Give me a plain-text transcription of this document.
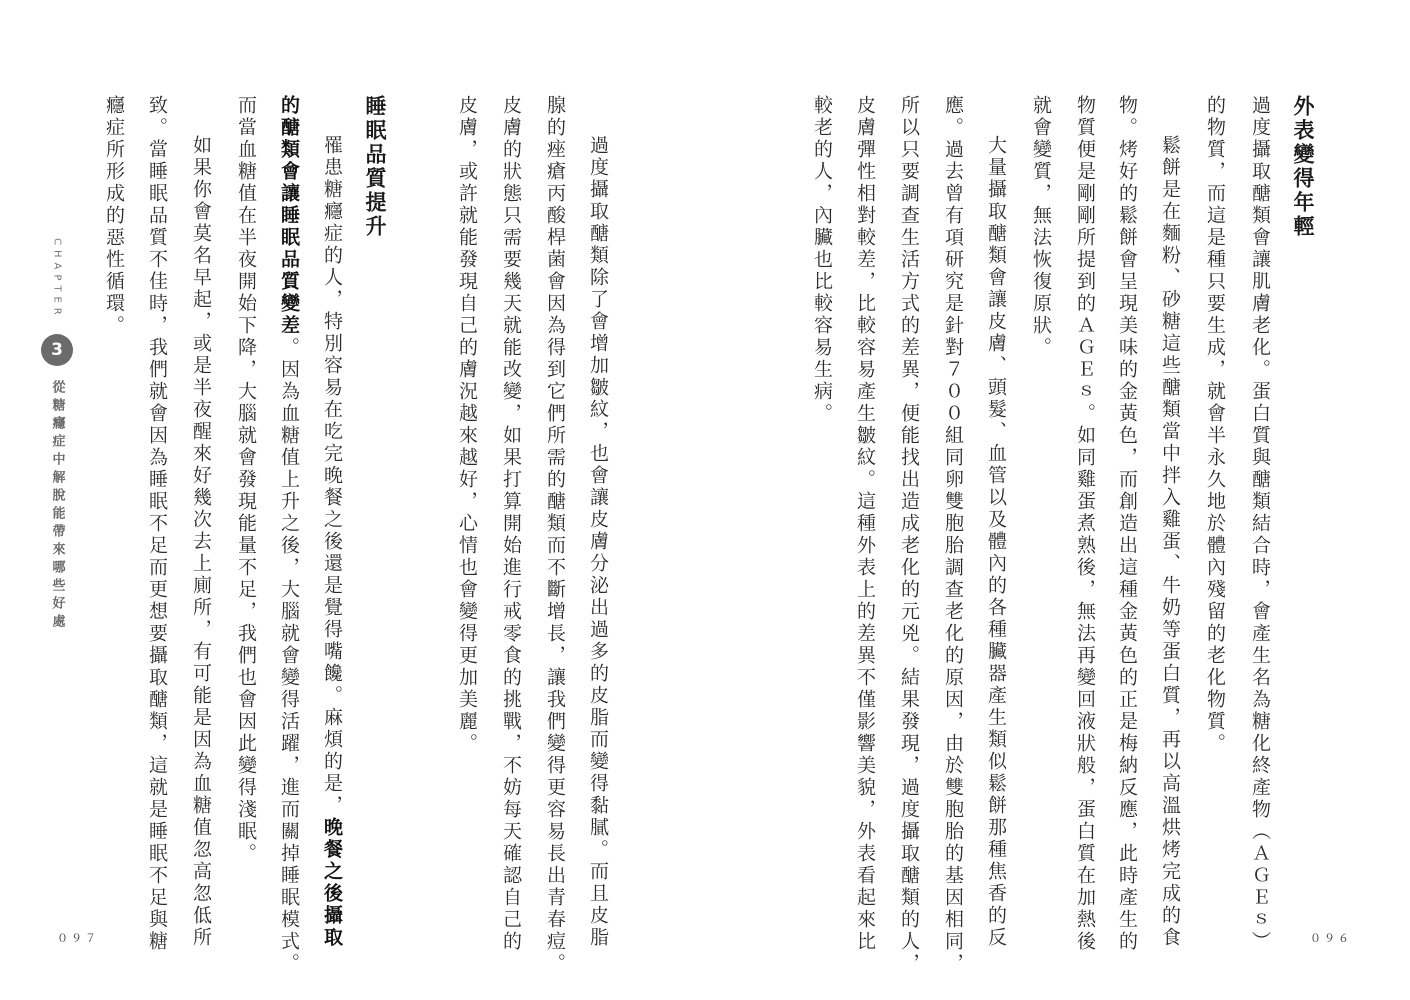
外表變得年輕
過度攝取醣類會讓肌膚老化。蛋白質與醣類結合時，會產生名為糖化終產物（ＡＧＥｓ）
的物質，而這是種只要生成，就會半永久地於體內殘留的老化物質。
鬆餅是在麵粉、砂糖這些醣類當中拌入雞蛋、牛奶等蛋白質，再以高溫烘烤完成的食
物。烤好的鬆餅會呈現美味的金黃色，而創造出這種金黃色的正是梅納反應，此時產生的
物質便是剛剛所提到的ＡＧＥｓ。如同雞蛋煮熟後，無法再變回液狀般，蛋白質在加熱後
就會變質，無法恢復原狀。
大量攝取醣類會讓皮膚、頭髮、血管以及體內的各種臟器產生類似鬆餅那種焦香的反
應。過去曾有項研究是針對７００組同卵雙胞胎調查老化的原因，由於雙胞胎的基因相同，
所以只要調查生活方式的差異，便能找出造成老化的元兇。結果發現，過度攝取醣類的人，
皮膚彈性相對較差，比較容易產生皺紋。這種外表上的差異不僅影響美貌，外表看起來比
較老的人，內臟也比較容易生病。
０９６
過度攝取醣類除了會增加皺紋，也會讓皮膚分泌出過多的皮脂而變得黏膩。而且皮脂
腺的痤瘡丙酸桿菌會因為得到它們所需的醣類而不斷增長，讓我們變得更容易長出青春痘。
皮膚的狀態只需要幾天就能改變，如果打算開始進行戒零食的挑戰，不妨每天確認自己的
皮膚，或許就能發現自己的膚況越來越好，心情也會變得更加美麗。
睡眠品質提升
罹患糖癮症的人，特別容易在吃完晚餐之後還是覺得嘴饞。麻煩的是，晚餐之後攝取
的醣類會讓睡眠品質變差。因為血糖值上升之後，大腦就會變得活躍，進而關掉睡眠模式。
而當血糖值在半夜開始下降，大腦就會發現能量不足，我們也會因此變得淺眠。
如果你會莫名早起，或是半夜醒來好幾次去上廁所，有可能是因為血糖值忽高忽低所
致。當睡眠品質不佳時，我們就會因為睡眠不足而更想要攝取醣類，這就是睡眠不足與糖
癮症所形成的惡性循環。
CHAPTER
3
從糖癮症中解脫能帶來哪些好處
０９７
